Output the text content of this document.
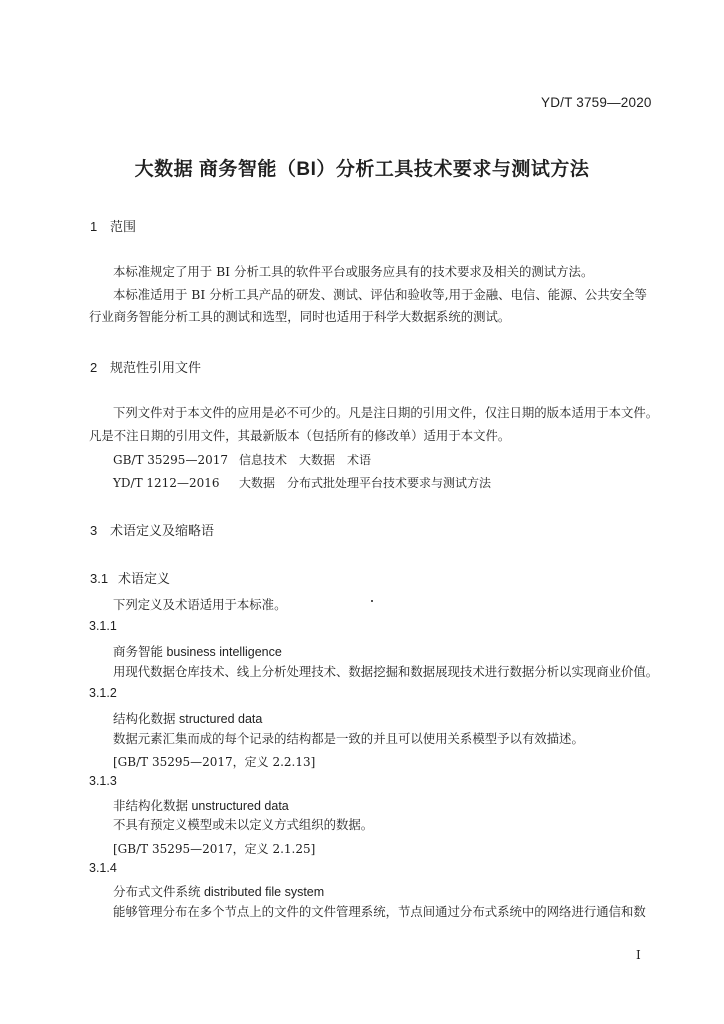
YD/T 3759—2020
大数据 商务智能（BI）分析工具技术要求与测试方法
1 范围
本标准规定了用于 BI 分析工具的软件平台或服务应具有的技术要求及相关的测试方法。
本标准适用于 BI 分析工具产品的研发、测试、评估和验收等,用于金融、电信、能源、公共安全等
行业商务智能分析工具的测试和选型，同时也适用于科学大数据系统的测试。
2 规范性引用文件
下列文件对于本文件的应用是必不可少的。凡是注日期的引用文件，仅注日期的版本适用于本文件。
凡是不注日期的引用文件，其最新版本（包括所有的修改单）适用于本文件。
GB/T 35295—2017 信息技术　大数据　术语
YD/T 1212—2016 大数据　分布式批处理平台技术要求与测试方法
3 术语定义及缩略语
3.1 术语定义
下列定义及术语适用于本标准。
3.1.1
商务智能 business intelligence
用现代数据仓库技术、线上分析处理技术、数据挖掘和数据展现技术进行数据分析以实现商业价值。
3.1.2
结构化数据 structured data
数据元素汇集而成的每个记录的结构都是一致的并且可以使用关系模型予以有效描述。
[GB/T 35295—2017，定义 2.2.13]
3.1.3
非结构化数据 unstructured data
不具有预定义模型或未以定义方式组织的数据。
[GB/T 35295—2017，定义 2.1.25]
3.1.4
分布式文件系统 distributed file system
能够管理分布在多个节点上的文件的文件管理系统，节点间通过分布式系统中的网络进行通信和数
I
